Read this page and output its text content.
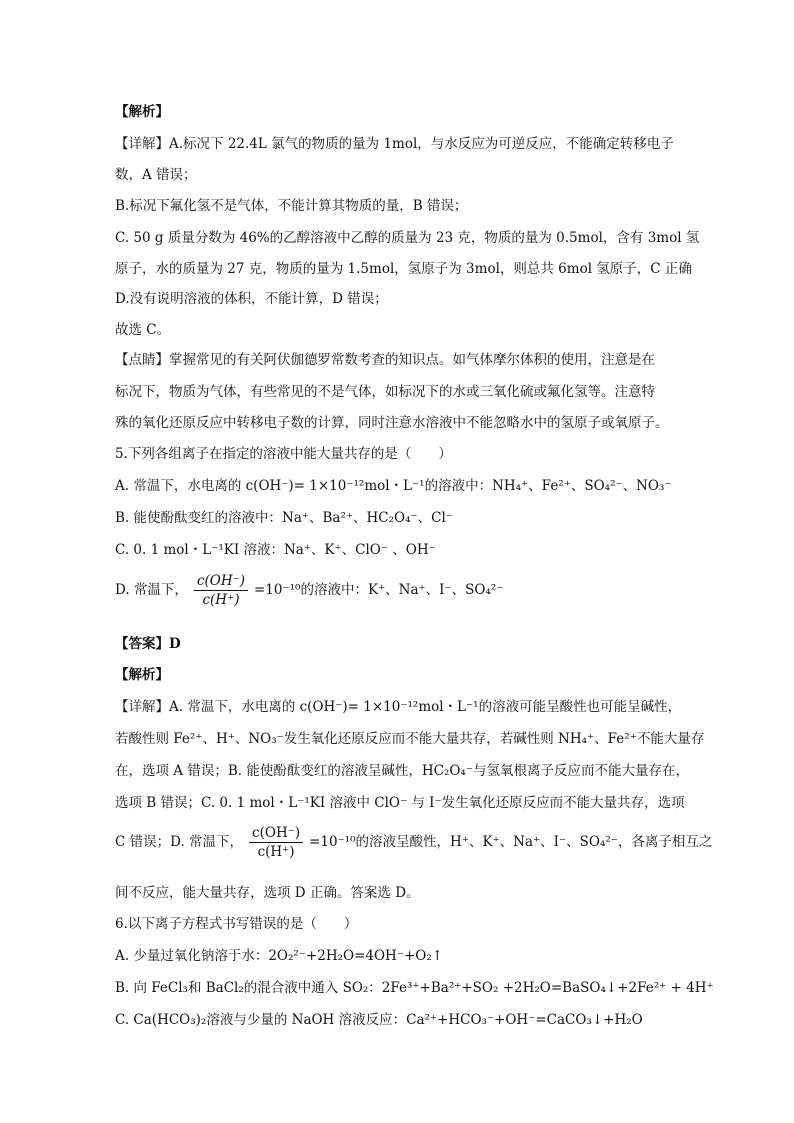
【解析】
【详解】A.标况下 22.4L 氯气的物质的量为 1mol，与水反应为可逆反应，不能确定转移电子
数，A 错误；
B.标况下氟化氢不是气体，不能计算其物质的量，B 错误；
C. 50 g 质量分数为 46%的乙醇溶液中乙醇的质量为 23 克，物质的量为 0.5mol，含有 3mol 氢
原子，水的质量为 27 克，物质的量为 1.5mol，氢原子为 3mol，则总共 6mol 氢原子，C 正确
D.没有说明溶液的体积，不能计算，D 错误；
故选 C。
【点睛】掌握常见的有关阿伏伽德罗常数考查的知识点。如气体摩尔体积的使用，注意是在
标况下，物质为气体，有些常见的不是气体，如标况下的水或三氧化硫或氟化氢等。注意特
殊的氧化还原反应中转移电子数的计算，同时注意水溶液中不能忽略水中的氢原子或氧原子。
5.下列各组离子在指定的溶液中能大量共存的是（　　）
A. 常温下，水电离的 c(OH⁻)= 1×10⁻¹²mol・L⁻¹的溶液中：NH₄⁺、Fe²⁺、SO₄²⁻、NO₃⁻
B. 能使酚酞变红的溶液中：Na⁺、Ba²⁺、HC₂O₄⁻、Cl⁻
C. 0. 1 mol・L⁻¹KI 溶液：Na⁺、K⁺、ClO⁻ 、OH⁻
D. 常温下， $\frac{c(OH^-)}{c(H^+)} =10^{-10}$的溶液中：K⁺、Na⁺、I⁻、SO₄²⁻
【答案】D
【解析】
【详解】A. 常温下，水电离的 c(OH⁻)= 1×10⁻¹²mol・L⁻¹的溶液可能呈酸性也可能呈碱性，
若酸性则 Fe²⁺、H⁺、NO₃⁻发生氧化还原反应而不能大量共存，若碱性则 NH₄⁺、Fe²⁺不能大量存
在，选项 A 错误；B. 能使酚酞变红的溶液呈碱性，HC₂O₄⁻与氢氧根离子反应而不能大量存在，
选项 B 错误；C. 0. 1 mol・L⁻¹KI 溶液中 ClO⁻ 与 I⁻发生氧化还原反应而不能大量共存，选项
C 错误；D. 常温下， $\frac{c(OH^-)}{c(H^+)} =10^{-10}$的溶液呈酸性，H⁺、K⁺、Na⁺、I⁻、SO₄²⁻，各离子相互之
间不反应，能大量共存，选项 D 正确。答案选 D。
6.以下离子方程式书写错误的是（　　）
A. 少量过氧化钠溶于水：2O₂²⁻+2H₂O=4OH⁻+O₂↑
B. 向 FeCl₃和 BaCl₂的混合液中通入 SO₂：2Fe³⁺+Ba²⁺+SO₂ +2H₂O=BaSO₄↓+2Fe²⁺ + 4H⁺
C. Ca(HCO₃)₂溶液与少量的 NaOH 溶液反应：Ca²⁺+HCO₃⁻+OH⁻=CaCO₃↓+H₂O
